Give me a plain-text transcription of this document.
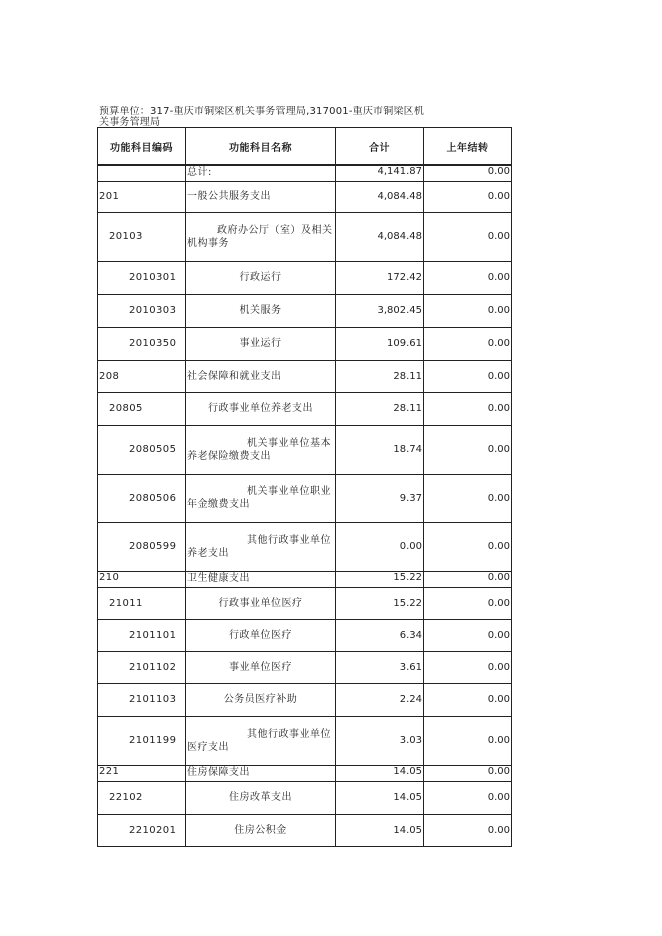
预算单位：317-重庆市铜梁区机关事务管理局,317001-重庆市铜梁区机关事务管理局
功能科目编码	功能科目名称	合计	上年结转
	总计:	4,141.87	0.00
201	一般公共服务支出	4,084.48	0.00
20103	政府办公厅（室）及相关机构事务	4,084.48	0.00
2010301	行政运行	172.42	0.00
2010303	机关服务	3,802.45	0.00
2010350	事业运行	109.61	0.00
208	社会保障和就业支出	28.11	0.00
20805	行政事业单位养老支出	28.11	0.00
2080505	机关事业单位基本养老保险缴费支出	18.74	0.00
2080506	机关事业单位职业年金缴费支出	9.37	0.00
2080599	其他行政事业单位养老支出	0.00	0.00
210	卫生健康支出	15.22	0.00
21011	行政事业单位医疗	15.22	0.00
2101101	行政单位医疗	6.34	0.00
2101102	事业单位医疗	3.61	0.00
2101103	公务员医疗补助	2.24	0.00
2101199	其他行政事业单位医疗支出	3.03	0.00
221	住房保障支出	14.05	0.00
22102	住房改革支出	14.05	0.00
2210201	住房公积金	14.05	0.00
